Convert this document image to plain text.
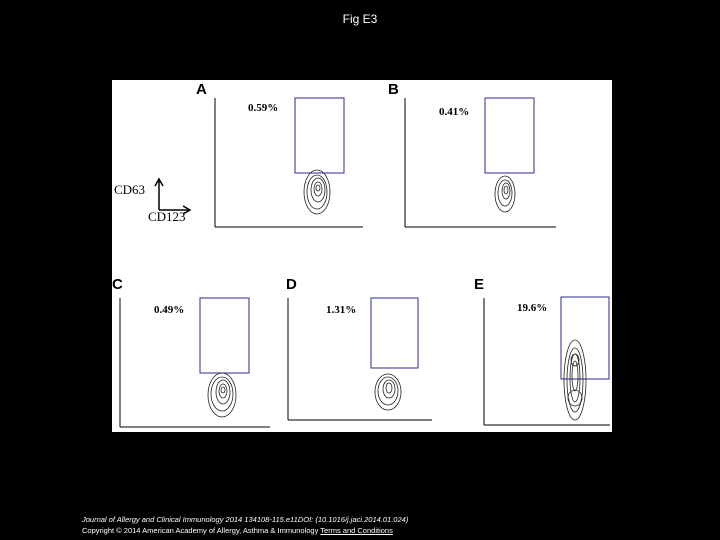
Fig E3
A	B
C	D	E
0.59%	0.41%
CD63
CD123
0.49%	1.31%	19.6%
Journal of Allergy and Clinical Immunology 2014 134108-115.e11DOI: (10.1016/j.jaci.2014.01.024)
Copyright © 2014 American Academy of Allergy, Asthma & Immunology Terms and Conditions
